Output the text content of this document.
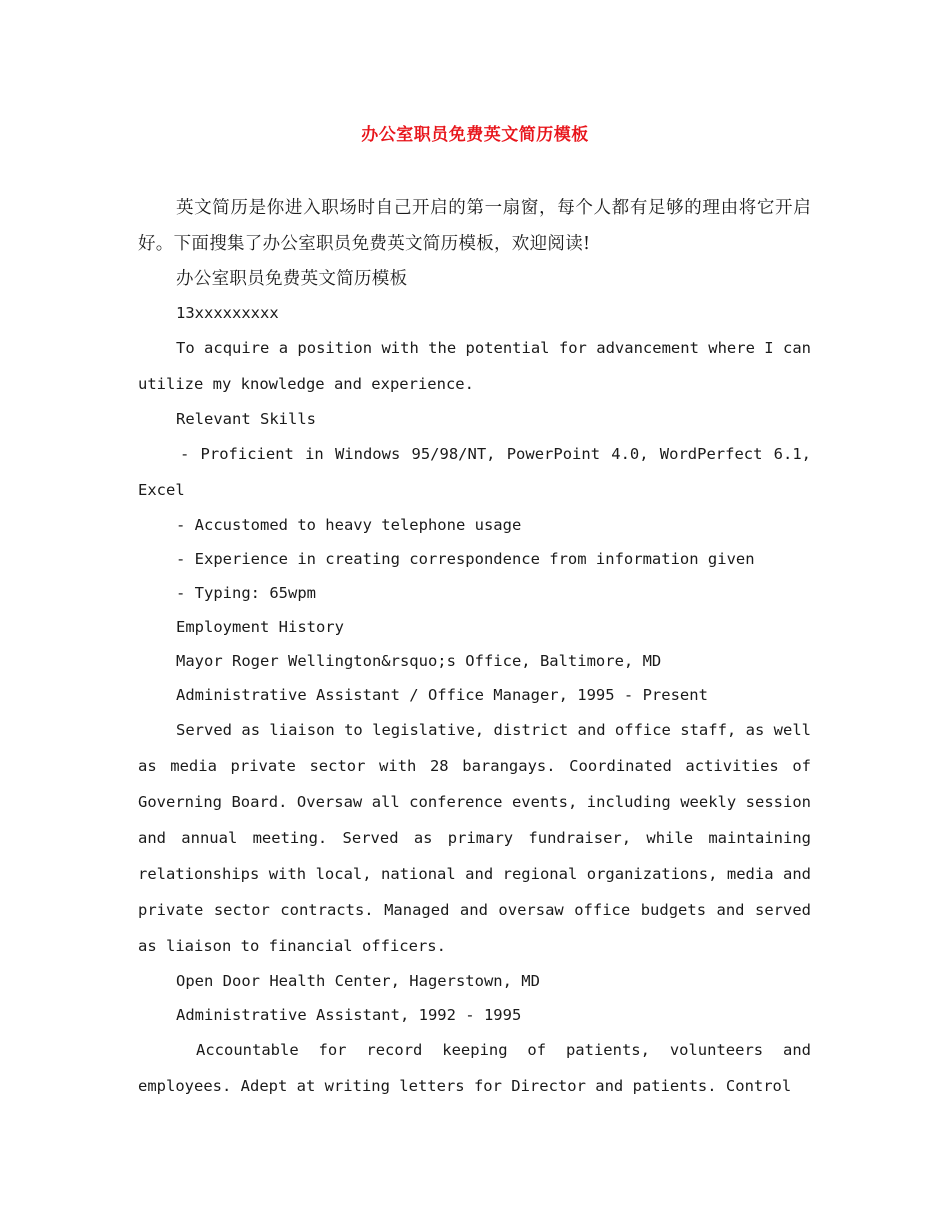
办公室职员免费英文简历模板

英文简历是你进入职场时自己开启的第一扇窗，每个人都有足够的理由将它开启好。下面搜集了办公室职员免费英文简历模板，欢迎阅读!

办公室职员免费英文简历模板

13xxxxxxxxx

To acquire a position with the potential for advancement where I can utilize my knowledge and experience.

Relevant Skills

- Proficient in Windows 95/98/NT, PowerPoint 4.0, WordPerfect 6.1, Excel

- Accustomed to heavy telephone usage

- Experience in creating correspondence from information given

- Typing: 65wpm

Employment History

Mayor Roger Wellington&rsquo;s Office, Baltimore, MD

Administrative Assistant / Office Manager, 1995 - Present

Served as liaison to legislative, district and office staff, as well as media private sector with 28 barangays. Coordinated activities of Governing Board. Oversaw all conference events, including weekly session and annual meeting. Served as primary fundraiser, while maintaining relationships with local, national and regional organizations, media and private sector contracts. Managed and oversaw office budgets and served as liaison to financial officers.

Open Door Health Center, Hagerstown, MD

Administrative Assistant, 1992 - 1995

Accountable for record keeping of patients, volunteers and employees. Adept at writing letters for Director and patients. Control
